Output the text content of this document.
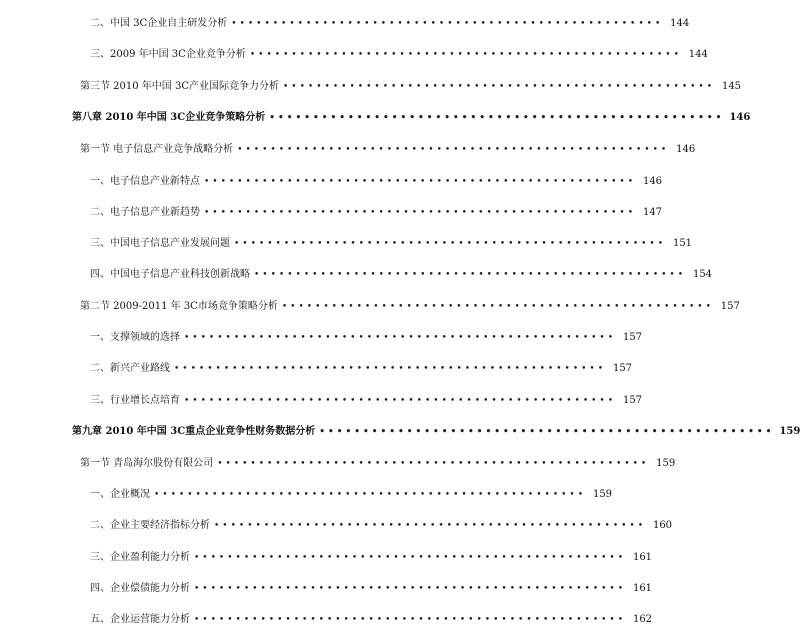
二、中国 3C企业自主研发分析 •••••••••••••••••••••••••••••••••••••••••••••••••••• 144
三、2009 年中国 3C企业竞争分析 •••••••••••••••••••••••••••••••••••••••••••••••••••• 144
第三节 2010 年中国 3C产业国际竞争力分析 •••••••••••••••••••••••••••••••••••••••••••••••••••• 145
第八章 2010 年中国 3C企业竞争策略分析 •••••••••••••••••••••••••••••••••••••••••••••••••••• 146
第一节 电子信息产业竞争战略分析 •••••••••••••••••••••••••••••••••••••••••••••••••••• 146
一、电子信息产业新特点 •••••••••••••••••••••••••••••••••••••••••••••••••••• 146
二、电子信息产业新趋势 •••••••••••••••••••••••••••••••••••••••••••••••••••• 147
三、中国电子信息产业发展问题 •••••••••••••••••••••••••••••••••••••••••••••••••••• 151
四、中国电子信息产业科技创新战略 •••••••••••••••••••••••••••••••••••••••••••••••••••• 154
第二节 2009-2011 年 3C市场竞争策略分析 •••••••••••••••••••••••••••••••••••••••••••••••••••• 157
一、支撑领域的选择 •••••••••••••••••••••••••••••••••••••••••••••••••••• 157
二、新兴产业路线 •••••••••••••••••••••••••••••••••••••••••••••••••••• 157
三、行业增长点培育 •••••••••••••••••••••••••••••••••••••••••••••••••••• 157
第九章 2010 年中国 3C重点企业竞争性财务数据分析 •••••••••••••••••••••••••••••••••••••••••••••••••••• 159
第一节 青岛海尔股份有限公司 •••••••••••••••••••••••••••••••••••••••••••••••••••• 159
一、企业概况 •••••••••••••••••••••••••••••••••••••••••••••••••••• 159
二、企业主要经济指标分析 •••••••••••••••••••••••••••••••••••••••••••••••••••• 160
三、企业盈利能力分析 •••••••••••••••••••••••••••••••••••••••••••••••••••• 161
四、企业偿债能力分析 •••••••••••••••••••••••••••••••••••••••••••••••••••• 161
五、企业运营能力分析 •••••••••••••••••••••••••••••••••••••••••••••••••••• 162
